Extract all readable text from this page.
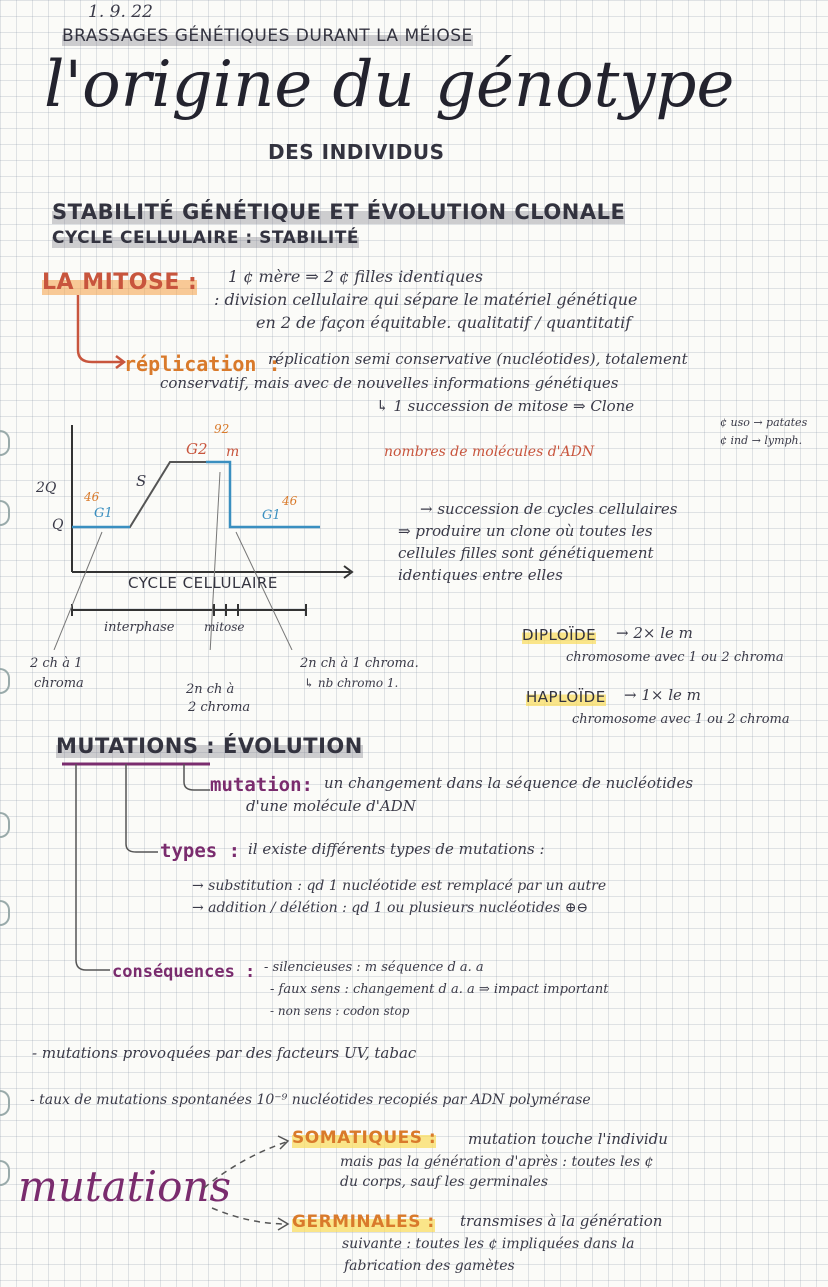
1. 9. 22
BRASSAGES GÉNÉTIQUES DURANT LA MÉIOSE
l'origine du génotype
DES INDIVIDUS
STABILITÉ GÉNÉTIQUE ET ÉVOLUTION CLONALE
CYCLE CELLULAIRE : STABILITÉ
LA MITOSE : 1 ¢ mère ⇒ 2 ¢ filles identiques
: division cellulaire qui sépare le matériel génétique
en 2 de façon équitable. qualitatif / quantitatif
réplication :
réplication semi conservative (nucléotides), totalement
conservatif, mais avec de nouvelles informations génétiques
↳ 1 succession de mitose ⇒ Clone
2Q
Q
G1
46
S
G2
92
m
G1
46
CYCLE CELLULAIRE
interphase mitose
2 ch à 1
chroma	2n ch à
2 chroma
2n ch à 1 chroma.
↳ nb chromo 1.
nombres de molécules d'ADN
¢ uso → patates
¢ ind → lymph.
→ succession de cycles cellulaires
⇒ produire un clone où toutes les
cellules filles sont génétiquement
identiques entre elles
DIPLOÏDE → 2× le m
chromosome avec 1 ou 2 chroma
HAPLOÏDE → 1× le m
chromosome avec 1 ou 2 chroma
MUTATIONS : ÉVOLUTION
mutation: un changement dans la séquence de nucléotides
d'une molécule d'ADN
types : il existe différents types de mutations :
→ substitution : qd 1 nucléotide est remplacé par un autre
→ addition / délétion : qd 1 ou plusieurs nucléotides ⊕⊖
conséquences : - silencieuses : m séquence d a. a
- faux sens : changement d a. a ⇒ impact important
- non sens : codon stop
- mutations provoquées par des facteurs UV, tabac
- taux de mutations spontanées 10⁻⁹ nucléotides recopiés par ADN polymérase
mutations
SOMATIQUES : mutation touche l'individu
mais pas la génération d'après : toutes les ¢
du corps, sauf les germinales
GERMINALES : transmises à la génération
suivante : toutes les ¢ impliquées dans la
fabrication des gamètes
